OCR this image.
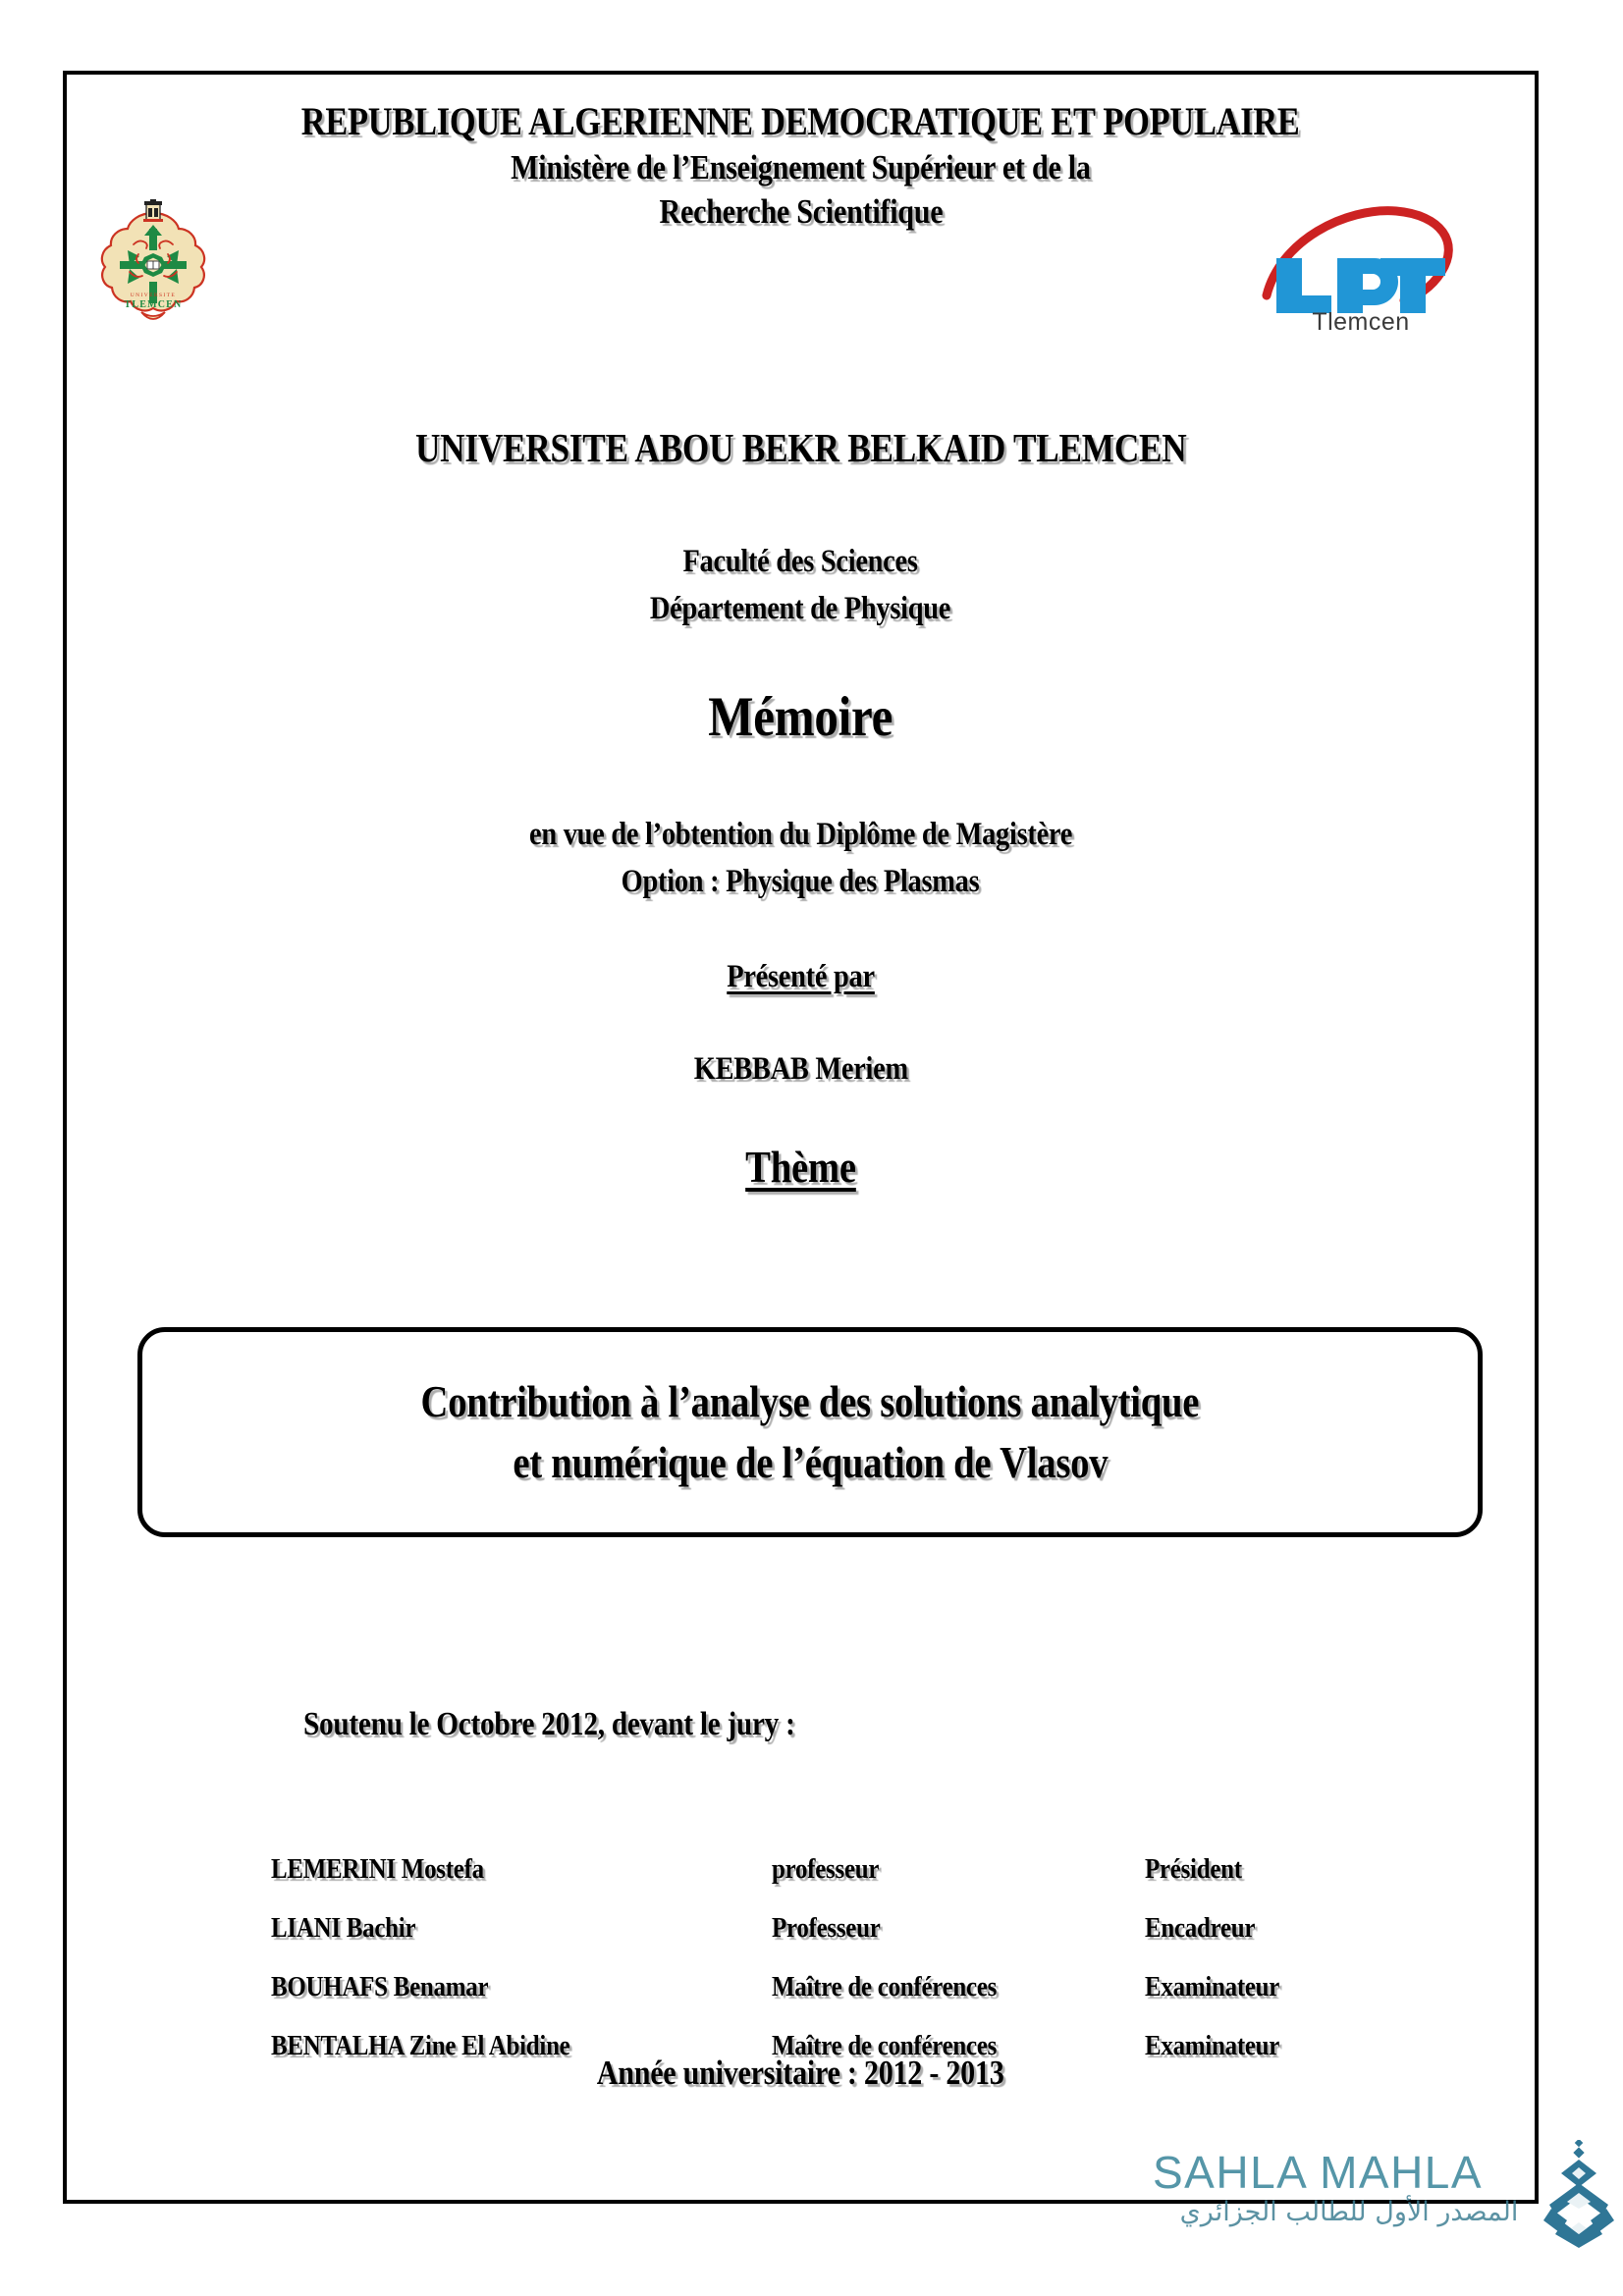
REPUBLIQUE ALGERIENNE DEMOCRATIQUE ET POPULAIRE
Ministère de l’Enseignement Supérieur et de la
Recherche Scientifique
UNIVERSITE
TLEMCEN
Tlemcen
UNIVERSITE ABOU BEKR BELKAID TLEMCEN
Faculté des Sciences
Département de Physique
Mémoire
en vue de l’obtention du Diplôme de Magistère
Option : Physique des Plasmas
Présenté par
KEBBAB Meriem
Thème
Contribution à l’analyse des solutions analytique
et numérique de l’équation de Vlasov

Soutenu le Octobre 2012, devant le jury :

LEMERINI Mostefa	professeur	Président
LIANI Bachir	Professeur	Encadreur
BOUHAFS Benamar	Maître de conférences	Examinateur
BENTALHA Zine El Abidine	Maître de conférences	Examinateur
Année universitaire : 2012 - 2013
SAHLA MAHLA
المصدر الأول للطالب الجزائري
